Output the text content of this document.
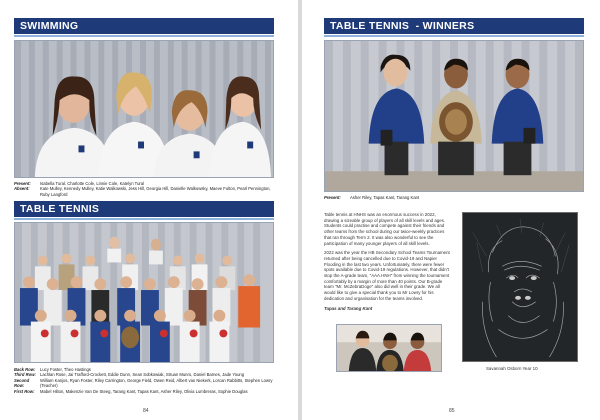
SWIMMING
Present:	Isabella Tural, Charlotte Cole, Linnie Cole, Katelyn Tural
Absent:	Kate Mulley, Kennedy Mulley, Katie Walkowski, Jess Hill, Georgia Hill, Danielle Walkowsky, Maeve Fulton, Pearl Pennington, Ruby Langford
TABLE TENNIS
Back Row:	Lucy Foster, Theo Hastings
Third Row: Lachlan Rose, Jai Trafford-Crockett, Eddie Dunn, Sean Sobkowiak, Struan Munro, Daniel Barnes, Jade Young
Second Row:
William Kanjos, Ryan Foster, Riley Carrington, George Field, Owen Reid, Albert van Niekerk, Lorcan Rabbitts, Stephen Lowry (Teacher)
First Row:	Mabel Hilton, Makenzie Van De Steeg, Tarang Kant, Tapas Kant, Asher Riley, Olivia Lumbreras, Sophie Douglas
84
TABLE TENNIS  - WINNERS
Present:	Asher Riley, Tapas Kant, Tarang Kant

Table tennis at HNHS was an enormous success in 2022, drawing a sizeable group of players of all skill levels and ages. Students could practise and compete against their friends and other teams from the school during our twice-weekly practices that ran through Term 2. It was also wonderful to see the participation of many younger players of all skill levels.

2022 was the year the HB Secondary School Teams Tournament returned after being cancelled due to Covid-19 and Napier Flooding in the last two years. Unfortunately, there were fewer spots available due to Covid-19 regulations. However, that didn't stop the A-grade team, "AAA.HNH" from winning the tournament comfortably by a margin of more than 40 points. Our B-grade team "Mr. McZebraDoge" also did well in their grade. We all would like to give a special thank you to Mr Lowry for his dedication and organisation for the teams involved.

Tapas and Tarang Kant

Savannah Osborn Year 10
85
